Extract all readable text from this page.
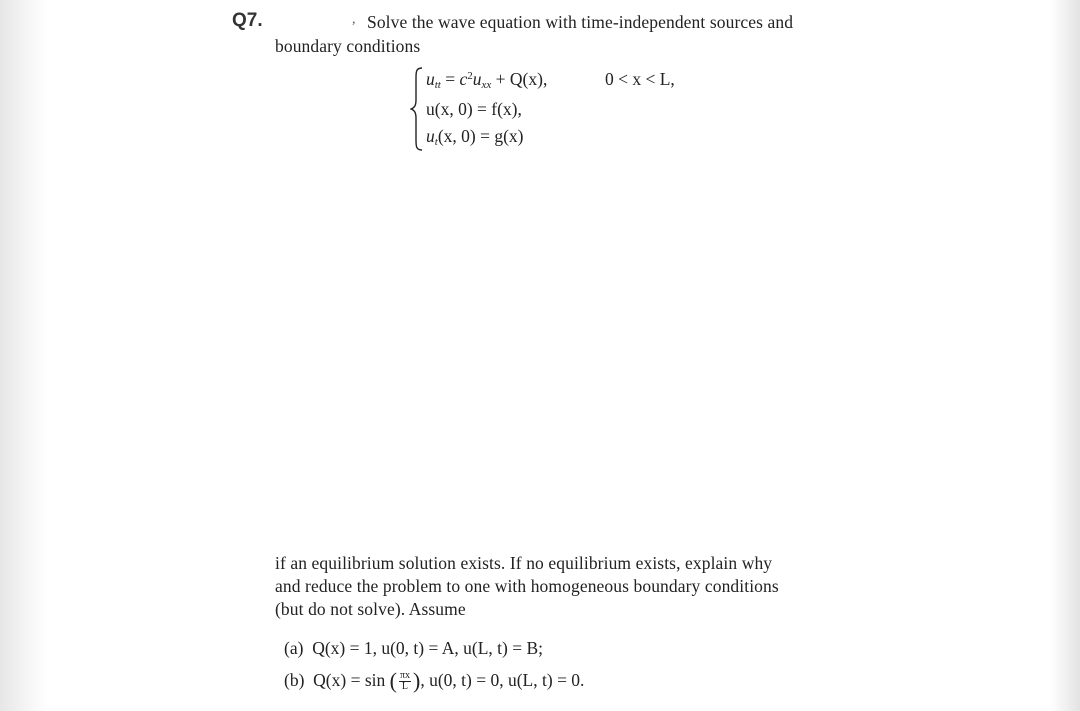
Q7.	, Solve the wave equation with time-independent sources and
boundary conditions
$u_{tt} = c^2u_{xx} + Q(x)$,	0 < x < L,
u(x, 0) = f(x),
$u_t(x$, 0) = g(x)
if an equilibrium solution exists. If no equilibrium exists, explain why
and reduce the problem to one with homogeneous boundary conditions
(but do not solve). Assume
(a) Q(x) = 1, u(0, t) = A, u(L, t) = B;
(b) Q(x) = sin ( $\frac{\pi x}{L}$ ), u(0, t) = 0, u(L, t) = 0.
